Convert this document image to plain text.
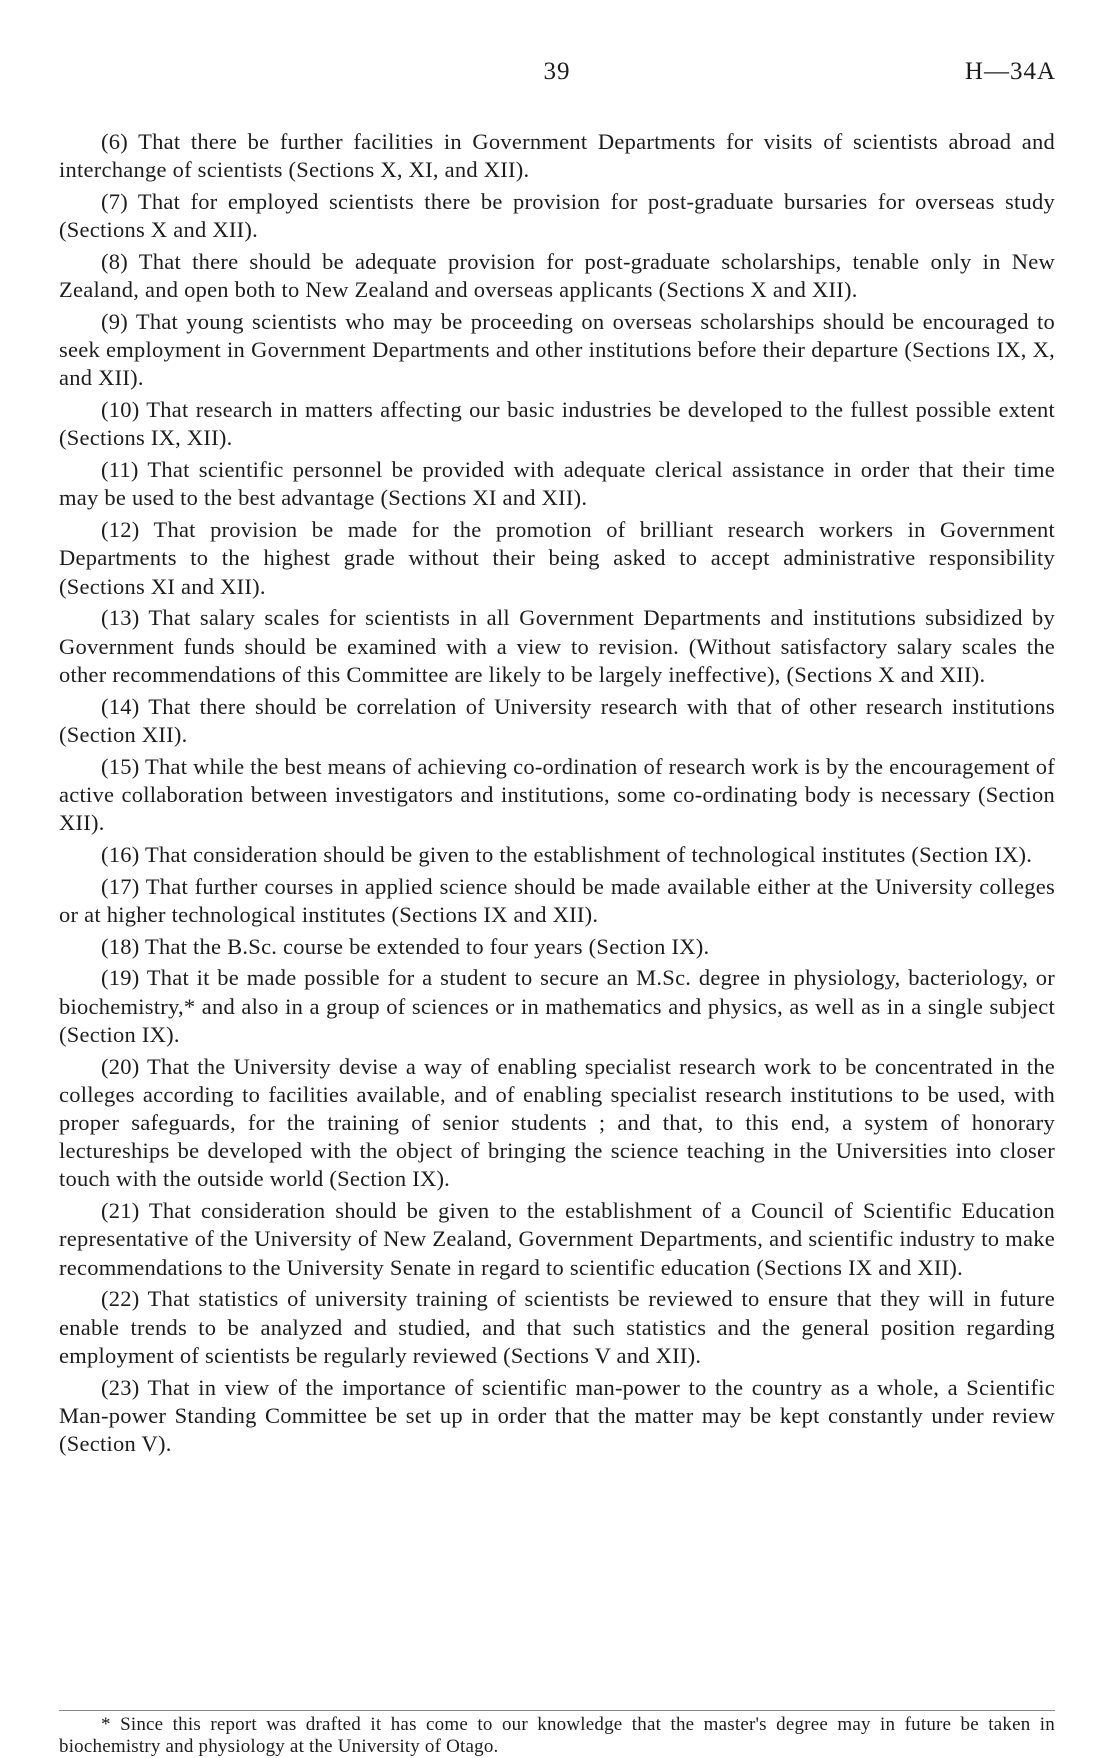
39	H—34A

(6) That there be further facilities in Government Departments for visits of scientists abroad and interchange of scientists (Sections X, XI, and XII).

(7) That for employed scientists there be provision for post-graduate bursaries for overseas study (Sections X and XII).

(8) That there should be adequate provision for post-graduate scholarships, tenable only in New Zealand, and open both to New Zealand and overseas applicants (Sections X and XII).

(9) That young scientists who may be proceeding on overseas scholarships should be encouraged to seek employment in Government Departments and other institutions before their departure (Sections IX, X, and XII).

(10) That research in matters affecting our basic industries be developed to the fullest possible extent (Sections IX, XII).

(11) That scientific personnel be provided with adequate clerical assistance in order that their time may be used to the best advantage (Sections XI and XII).

(12) That provision be made for the promotion of brilliant research workers in Government Departments to the highest grade without their being asked to accept administrative responsibility (Sections XI and XII).

(13) That salary scales for scientists in all Government Departments and institutions subsidized by Government funds should be examined with a view to revision. (Without satisfactory salary scales the other recommendations of this Committee are likely to be largely ineffective), (Sections X and XII).

(14) That there should be correlation of University research with that of other research institutions (Section XII).

(15) That while the best means of achieving co-ordination of research work is by the encouragement of active collaboration between investigators and institutions, some co-ordinating body is necessary (Section XII).

(16) That consideration should be given to the establishment of technological institutes (Section IX).

(17) That further courses in applied science should be made available either at the University colleges or at higher technological institutes (Sections IX and XII).

(18) That the B.Sc. course be extended to four years (Section IX).

(19) That it be made possible for a student to secure an M.Sc. degree in physiology, bacteriology, or biochemistry,* and also in a group of sciences or in mathematics and physics, as well as in a single subject (Section IX).

(20) That the University devise a way of enabling specialist research work to be concentrated in the colleges according to facilities available, and of enabling specialist research institutions to be used, with proper safeguards, for the training of senior students ; and that, to this end, a system of honorary lectureships be developed with the object of bringing the science teaching in the Universities into closer touch with the outside world (Section IX).

(21) That consideration should be given to the establishment of a Council of Scientific Education representative of the University of New Zealand, Government Departments, and scientific industry to make recommendations to the University Senate in regard to scientific education (Sections IX and XII).

(22) That statistics of university training of scientists be reviewed to ensure that they will in future enable trends to be analyzed and studied, and that such statistics and the general position regarding employment of scientists be regularly reviewed (Sections V and XII).

(23) That in view of the importance of scientific man-power to the country as a whole, a Scientific Man-power Standing Committee be set up in order that the matter may be kept constantly under review (Section V).

* Since this report was drafted it has come to our knowledge that the master's degree may in future be taken in biochemistry and physiology at the University of Otago.
